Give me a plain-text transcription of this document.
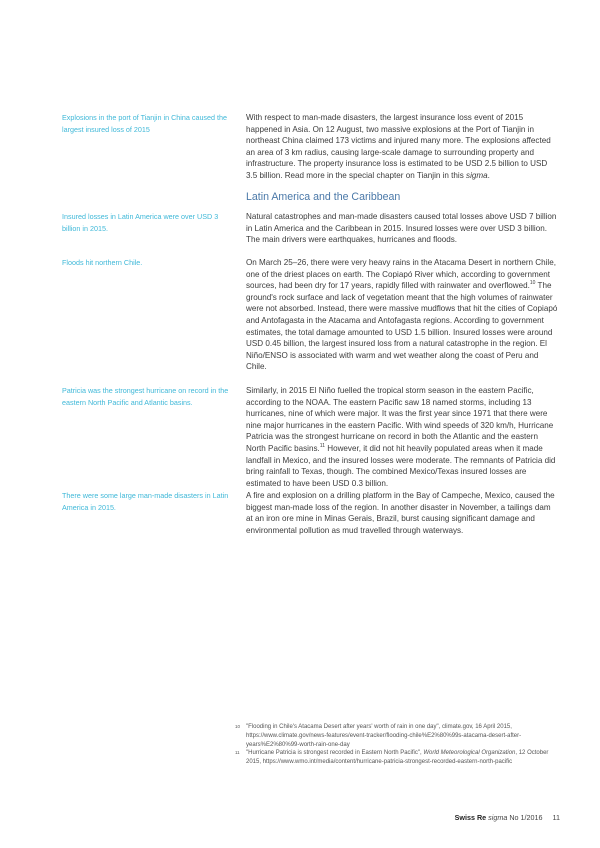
Explosions in the port of Tianjin in China caused the largest insured loss of 2015
With respect to man-made disasters, the largest insurance loss event of 2015 happened in Asia. On 12 August, two massive explosions at the Port of Tianjin in northeast China claimed 173 victims and injured many more. The explosions affected an area of 3 km radius, causing large-scale damage to surrounding property and infrastructure. The property insurance loss is estimated to be USD 2.5 billion to USD 3.5 billion. Read more in the special chapter on Tianjin in this sigma.
Latin America and the Caribbean
Insured losses in Latin America were over USD 3 billion in 2015.
Natural catastrophes and man-made disasters caused total losses above USD 7 billion in Latin America and the Caribbean in 2015. Insured losses were over USD 3 billion. The main drivers were earthquakes, hurricanes and floods.
Floods hit northern Chile.	On March 25–26, there were very heavy rains in the Atacama Desert in northern Chile, one of the driest places on earth. The Copiapó River which, according to government sources, had been dry for 17 years, rapidly filled with rainwater and overflowed.$^{10}$ The ground's rock surface and lack of vegetation meant that the high volumes of rainwater were not absorbed. Instead, there were massive mudflows that hit the cities of Copiapó and Antofagasta in the Atacama and Antofagasta regions. According to government estimates, the total damage amounted to USD 1.5 billion. Insured losses were around USD 0.45 billion, the largest insured loss from a natural catastrophe in the region. El Niño/ENSO is associated with warm and wet weather along the coast of Peru and Chile.
Patricia was the strongest hurricane on record in the eastern North Pacific and Atlantic basins.
Similarly, in 2015 El Niño fuelled the tropical storm season in the eastern Pacific, according to the NOAA. The eastern Pacific saw 18 named storms, including 13 hurricanes, nine of which were major. It was the first year since 1971 that there were nine major hurricanes in the eastern Pacific. With wind speeds of 320 km/h, Hurricane Patricia was the strongest hurricane on record in both the Atlantic and the eastern North Pacific basins.$^{11}$ However, it did not hit heavily populated areas when it made landfall in Mexico, and the insured losses were moderate. The remnants of Patricia did bring rainfall to Texas, though. The combined Mexico/Texas insured losses are estimated to have been USD 0.3 billion.
There were some large man-made disasters in Latin America in 2015.
A fire and explosion on a drilling platform in the Bay of Campeche, Mexico, caused the biggest man-made loss of the region. In another disaster in November, a tailings dam at an iron ore mine in Minas Gerais, Brazil, burst causing significant damage and environmental pollution as mud travelled through waterways.
10 "Flooding in Chile's Atacama Desert after years' worth of rain in one day", climate.gov, 16 April 2015, https://www.climate.gov/news-features/event-tracker/flooding-chile%E2%80%99s-atacama-desert-after-years%E2%80%99-worth-rain-one-day
11 "Hurricane Patricia is strongest recorded in Eastern North Pacific", World Meteorological Organization, 12 October 2015, https://www.wmo.int/media/content/hurricane-patricia-strongest-recorded-eastern-north-pacific
Swiss Re sigma No 1/2016 11
